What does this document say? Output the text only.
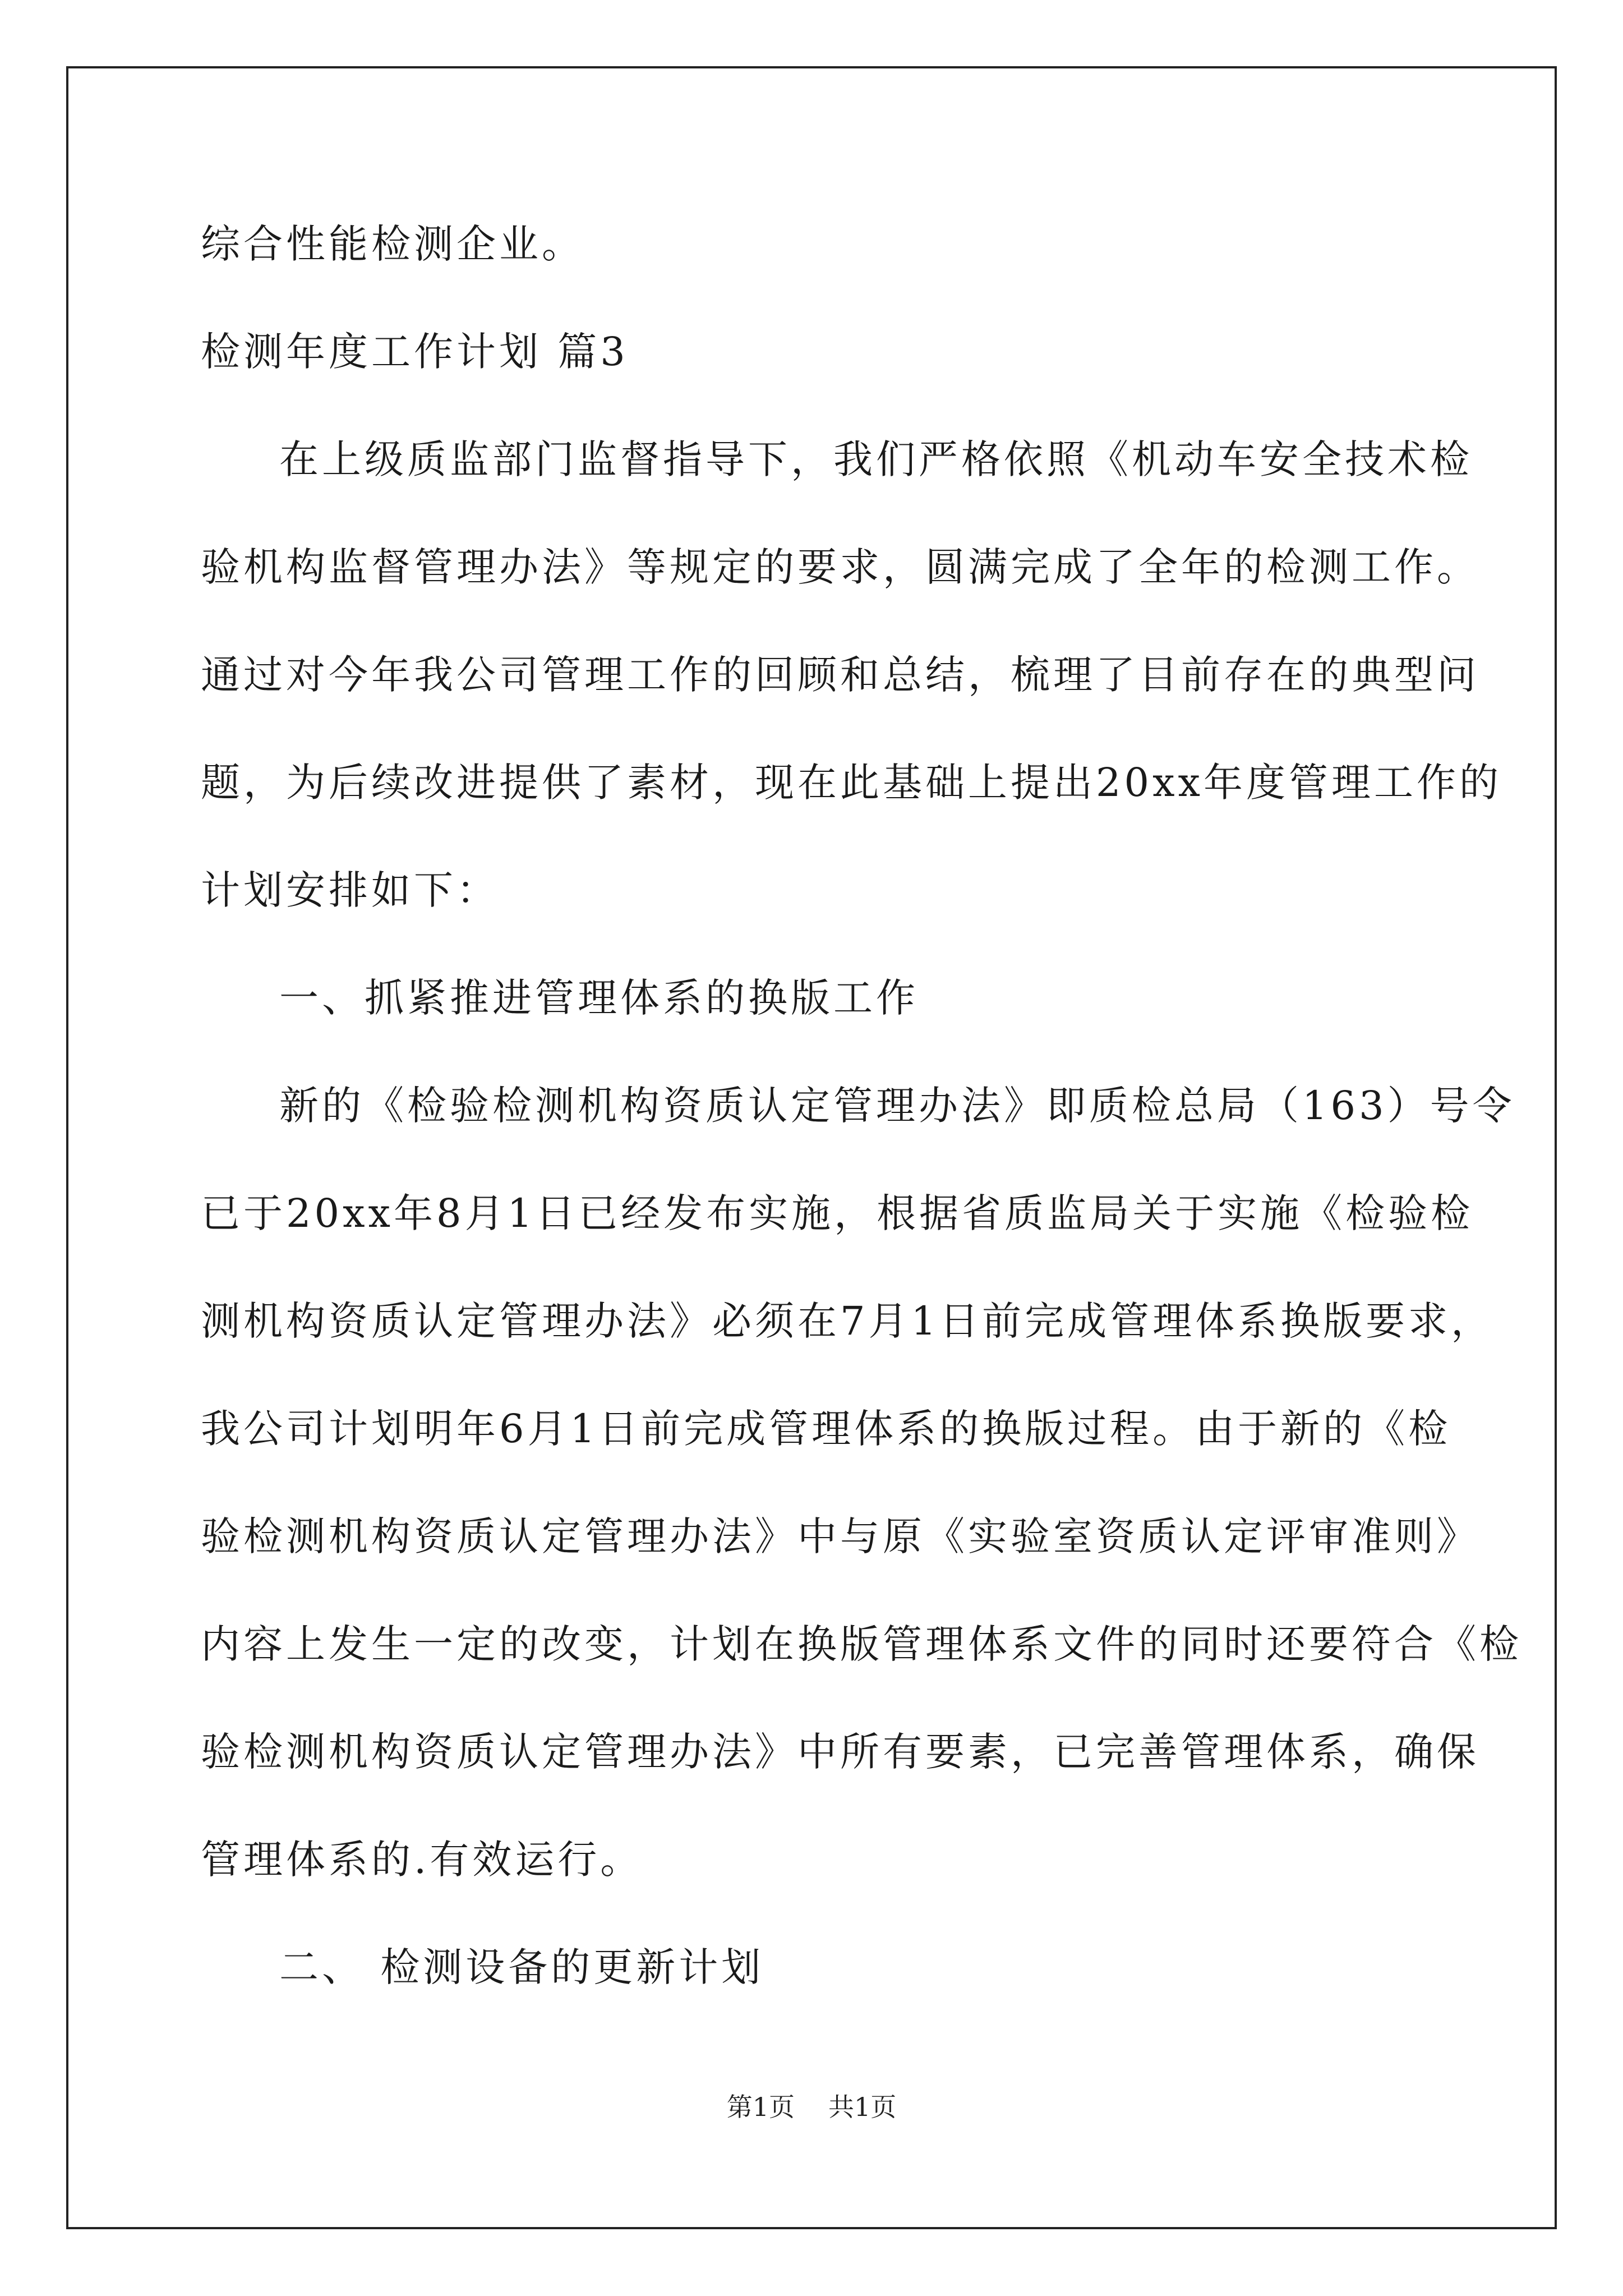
综合性能检测企业。
检测年度工作计划 篇3
在上级质监部门监督指导下，我们严格依照《机动车安全技术检
验机构监督管理办法》等规定的要求，圆满完成了全年的检测工作。
通过对今年我公司管理工作的回顾和总结，梳理了目前存在的典型问
题，为后续改进提供了素材，现在此基础上提出20xx年度管理工作的
计划安排如下：
一、抓紧推进管理体系的换版工作
新的《检验检测机构资质认定管理办法》即质检总局（163）号令
已于20xx年8月1日已经发布实施，根据省质监局关于实施《检验检
测机构资质认定管理办法》必须在7月1日前完成管理体系换版要求，
我公司计划明年6月1日前完成管理体系的换版过程。由于新的《检
验检测机构资质认定管理办法》中与原《实验室资质认定评审准则》
内容上发生一定的改变，计划在换版管理体系文件的同时还要符合《检
验检测机构资质认定管理办法》中所有要素，已完善管理体系，确保
管理体系的.有效运行。
二、 检测设备的更新计划
第1页 共1页
